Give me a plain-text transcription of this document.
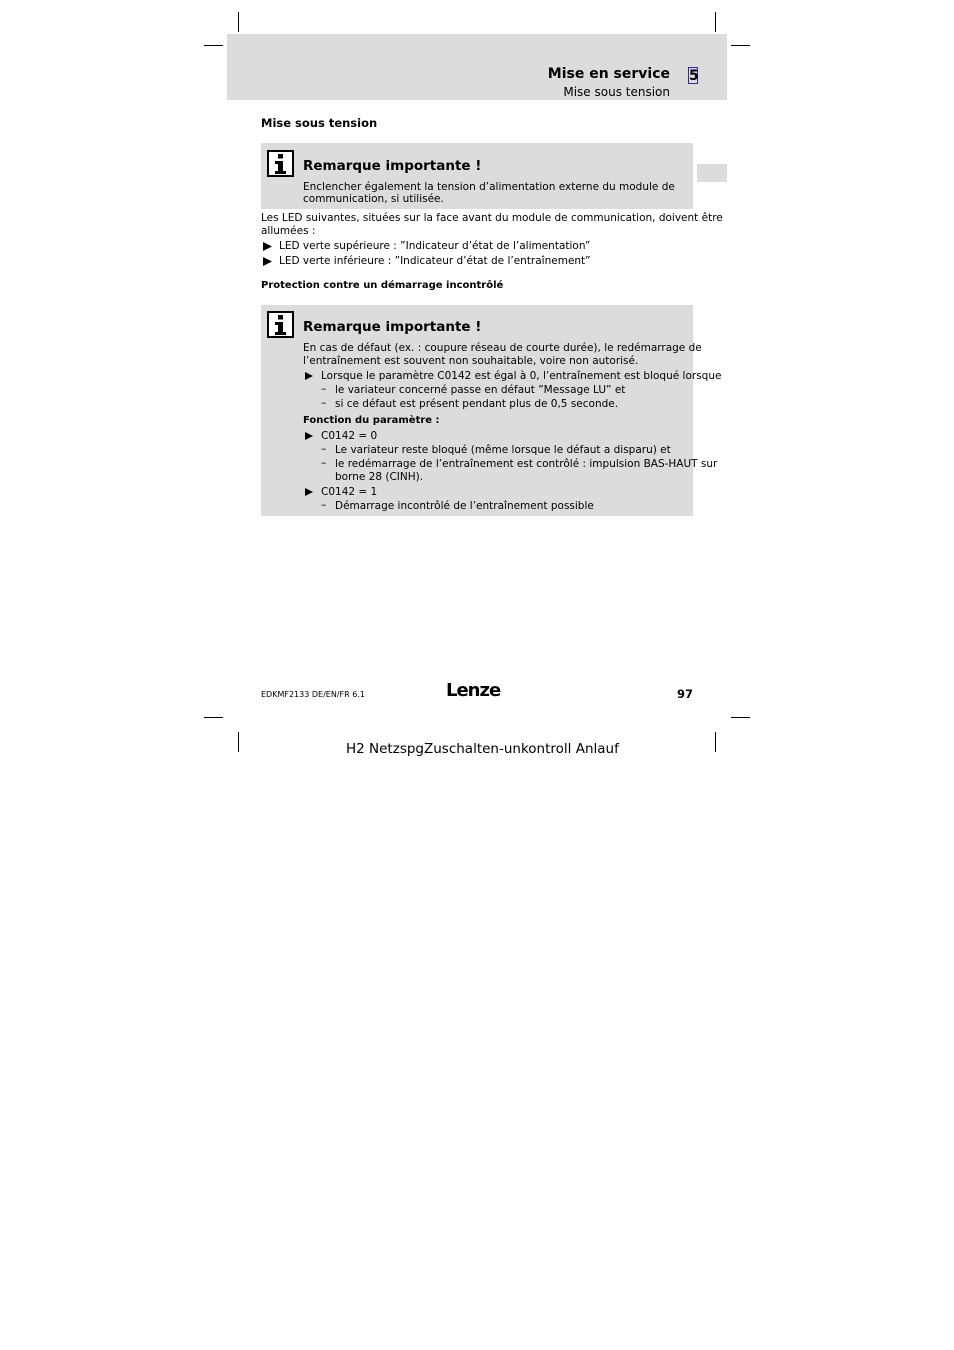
Mise en service 5
Mise sous tension
Mise sous tension
Remarque importante !
Enclencher également la tension d’alimentation externe du module de
communication, si utilisée.
Les LED suivantes, situées sur la face avant du module de communication, doivent être
allumées :
LED verte supérieure : ”Indicateur d’état de l’alimentation”
LED verte inférieure : ”Indicateur d’état de l’entraînement”
Protection contre un démarrage incontrôlé
Remarque importante !
En cas de défaut (ex. : coupure réseau de courte durée), le redémarrage de
l’entraînement est souvent non souhaitable, voire non autorisé.
Lorsque le paramètre C0142 est égal à 0, l’entraînement est bloqué lorsque
– le variateur concerné passe en défaut ”Message LU” et
– si ce défaut est présent pendant plus de 0,5 seconde.
Fonction du paramètre :
C0142 = 0
– Le variateur reste bloqué (même lorsque le défaut a disparu) et
– le redémarrage de l’entraînement est contrôlé : impulsion BAS-HAUT sur
borne 28 (CINH).
C0142 = 1
– Démarrage incontrôlé de l’entraînement possible
EDKMF2133 DE/EN/FR 6.1	Lenze	97
H2 NetzspgZuschalten-unkontroll Anlauf
